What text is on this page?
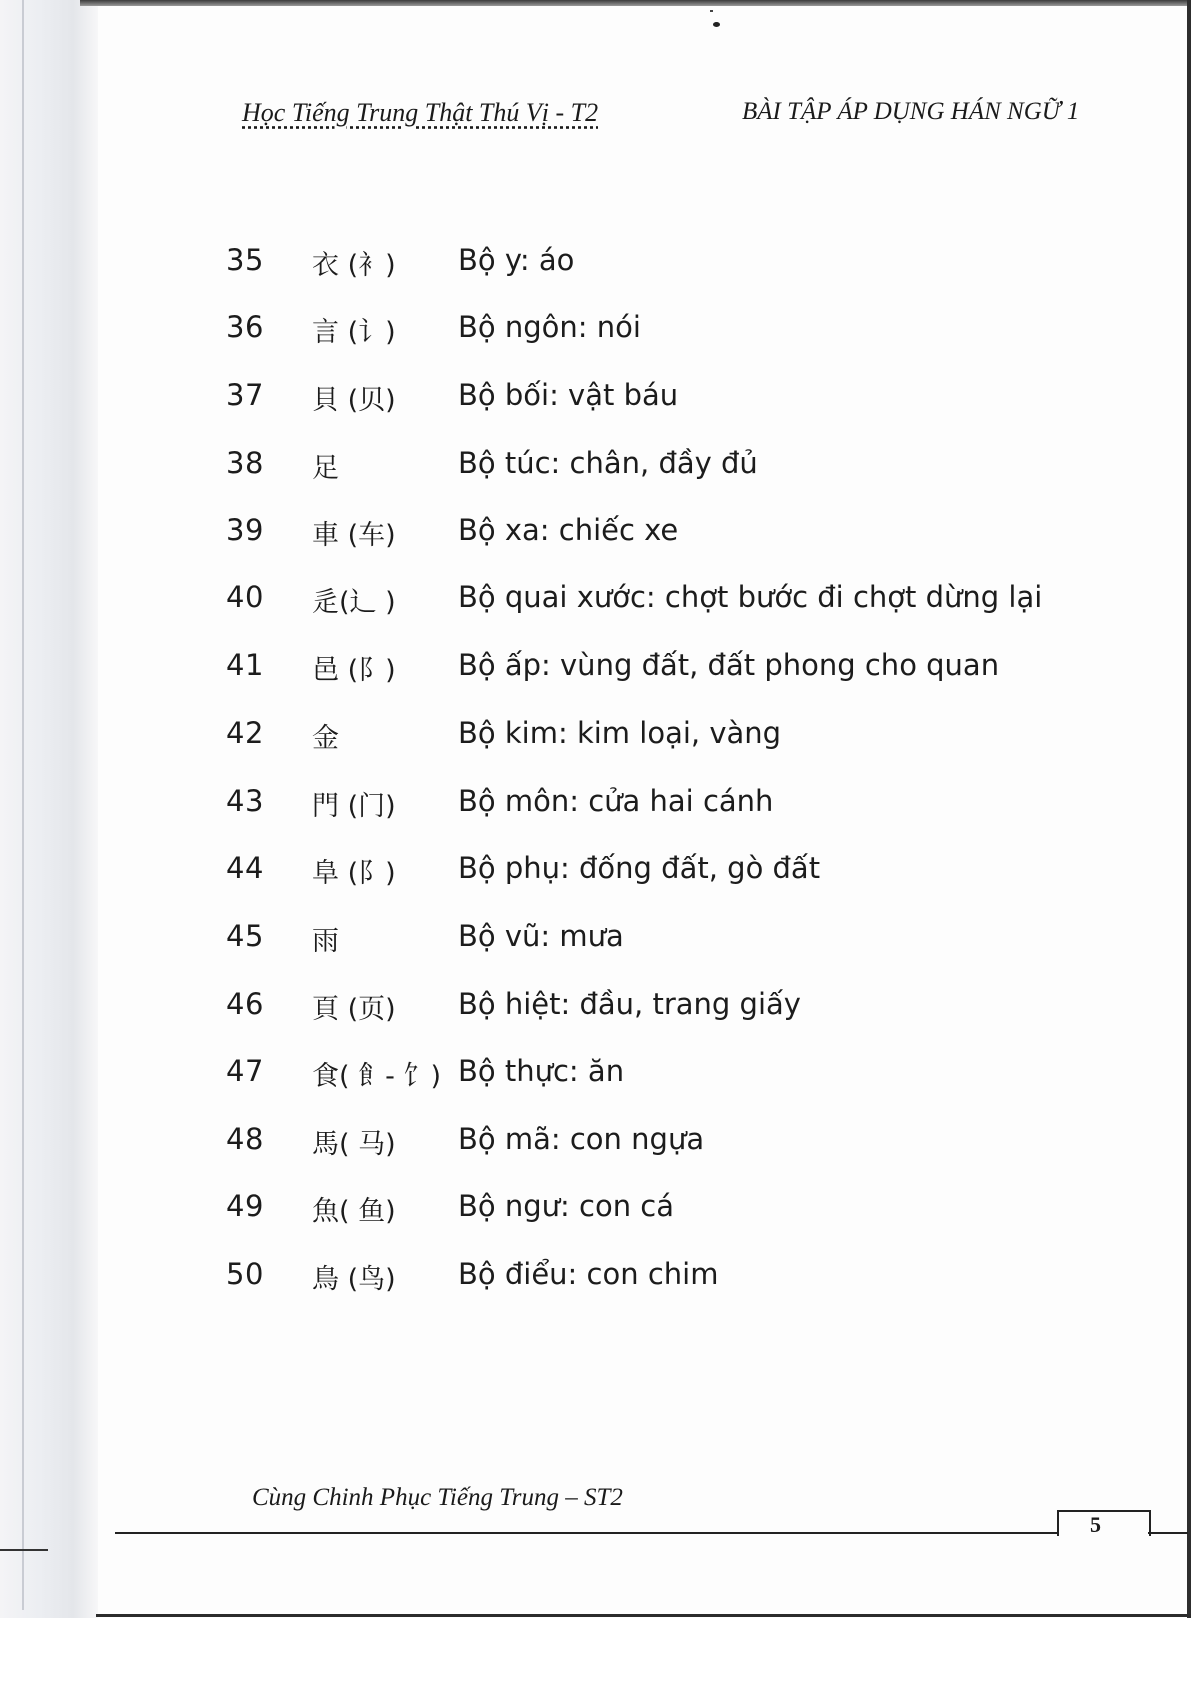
Học Tiếng Trung Thật Thú Vị - T2	BÀI TẬP ÁP DỤNG HÁN NGỮ 1
35 衣 (衤) Bộ y: áo
36 言 (讠) Bộ ngôn: nói
37 貝 (贝) Bộ bối: vật báu
38 足	Bộ túc: chân, đầy đủ
39 車 (车) Bộ xa: chiếc xe
40 辵(辶 ) Bộ quai xước: chợt bước đi chợt dừng lại
41 邑 (阝) Bộ ấp: vùng đất, đất phong cho quan
42 金	Bộ kim: kim loại, vàng
43 門 (门) Bộ môn: cửa hai cánh
44 阜 (阝) Bộ phụ: đống đất, gò đất
45 雨	Bộ vũ: mưa
46 頁 (页) Bộ hiệt: đầu, trang giấy
47 食( 飠- 饣) Bộ thực: ăn
48 馬( 马) Bộ mã: con ngựa
49 魚( 鱼) Bộ ngư: con cá
50 鳥 (鸟) Bộ điểu: con chim
Cùng Chinh Phục Tiếng Trung – ST2
5
